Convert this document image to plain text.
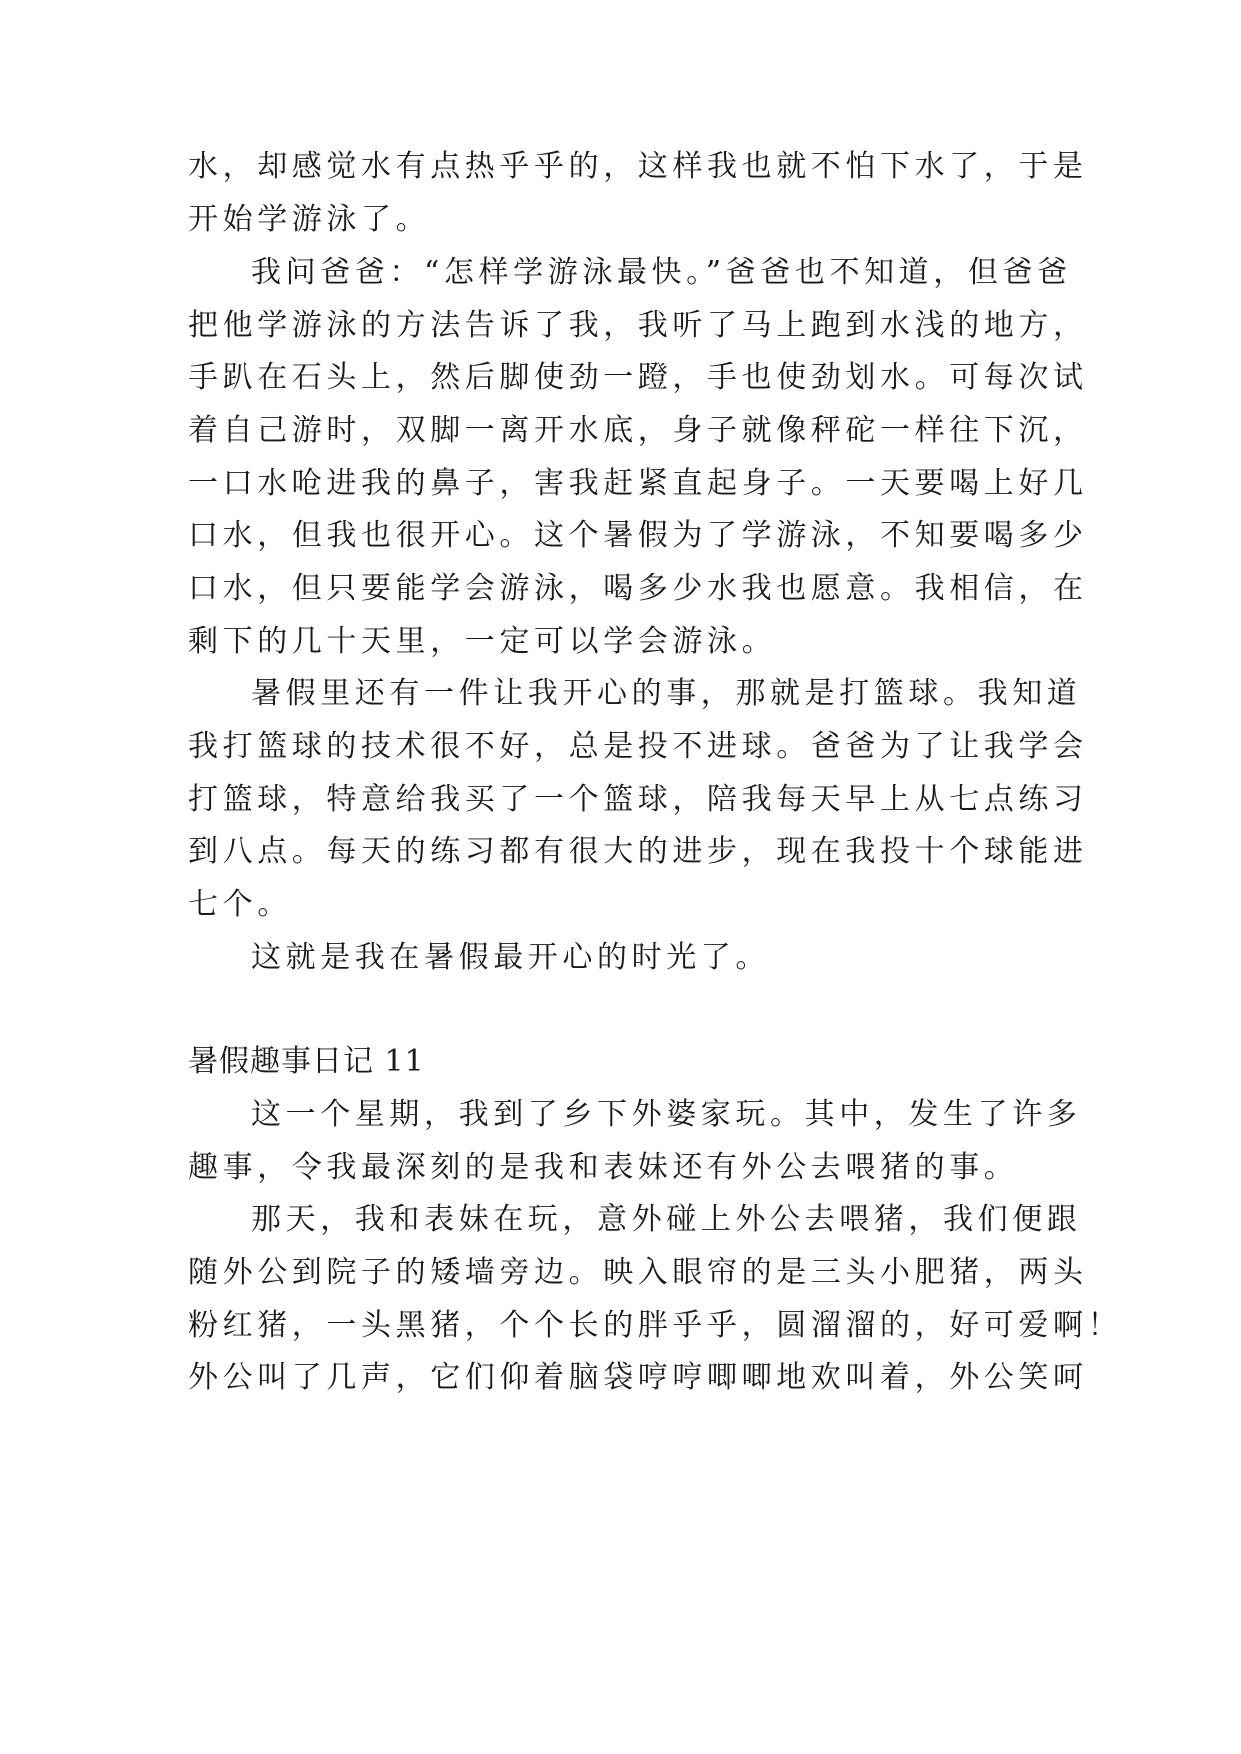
水，却感觉水有点热乎乎的，这样我也就不怕下水了，于是
开始学游泳了。
我问爸爸：“怎样学游泳最快。”爸爸也不知道，但爸爸
把他学游泳的方法告诉了我，我听了马上跑到水浅的地方，
手趴在石头上，然后脚使劲一蹬，手也使劲划水。可每次试
着自己游时，双脚一离开水底，身子就像秤砣一样往下沉，
一口水呛进我的鼻子，害我赶紧直起身子。一天要喝上好几
口水，但我也很开心。这个暑假为了学游泳，不知要喝多少
口水，但只要能学会游泳，喝多少水我也愿意。我相信，在
剩下的几十天里，一定可以学会游泳。
暑假里还有一件让我开心的事，那就是打篮球。我知道
我打篮球的技术很不好，总是投不进球。爸爸为了让我学会
打篮球，特意给我买了一个篮球，陪我每天早上从七点练习
到八点。每天的练习都有很大的进步，现在我投十个球能进
七个。
这就是我在暑假最开心的时光了。
暑假趣事日记 11
这一个星期，我到了乡下外婆家玩。其中，发生了许多
趣事，令我最深刻的是我和表妹还有外公去喂猪的事。
那天，我和表妹在玩，意外碰上外公去喂猪，我们便跟
随外公到院子的矮墙旁边。映入眼帘的是三头小肥猪，两头
粉红猪，一头黑猪，个个长的胖乎乎，圆溜溜的，好可爱啊！
外公叫了几声，它们仰着脑袋哼哼唧唧地欢叫着，外公笑呵
